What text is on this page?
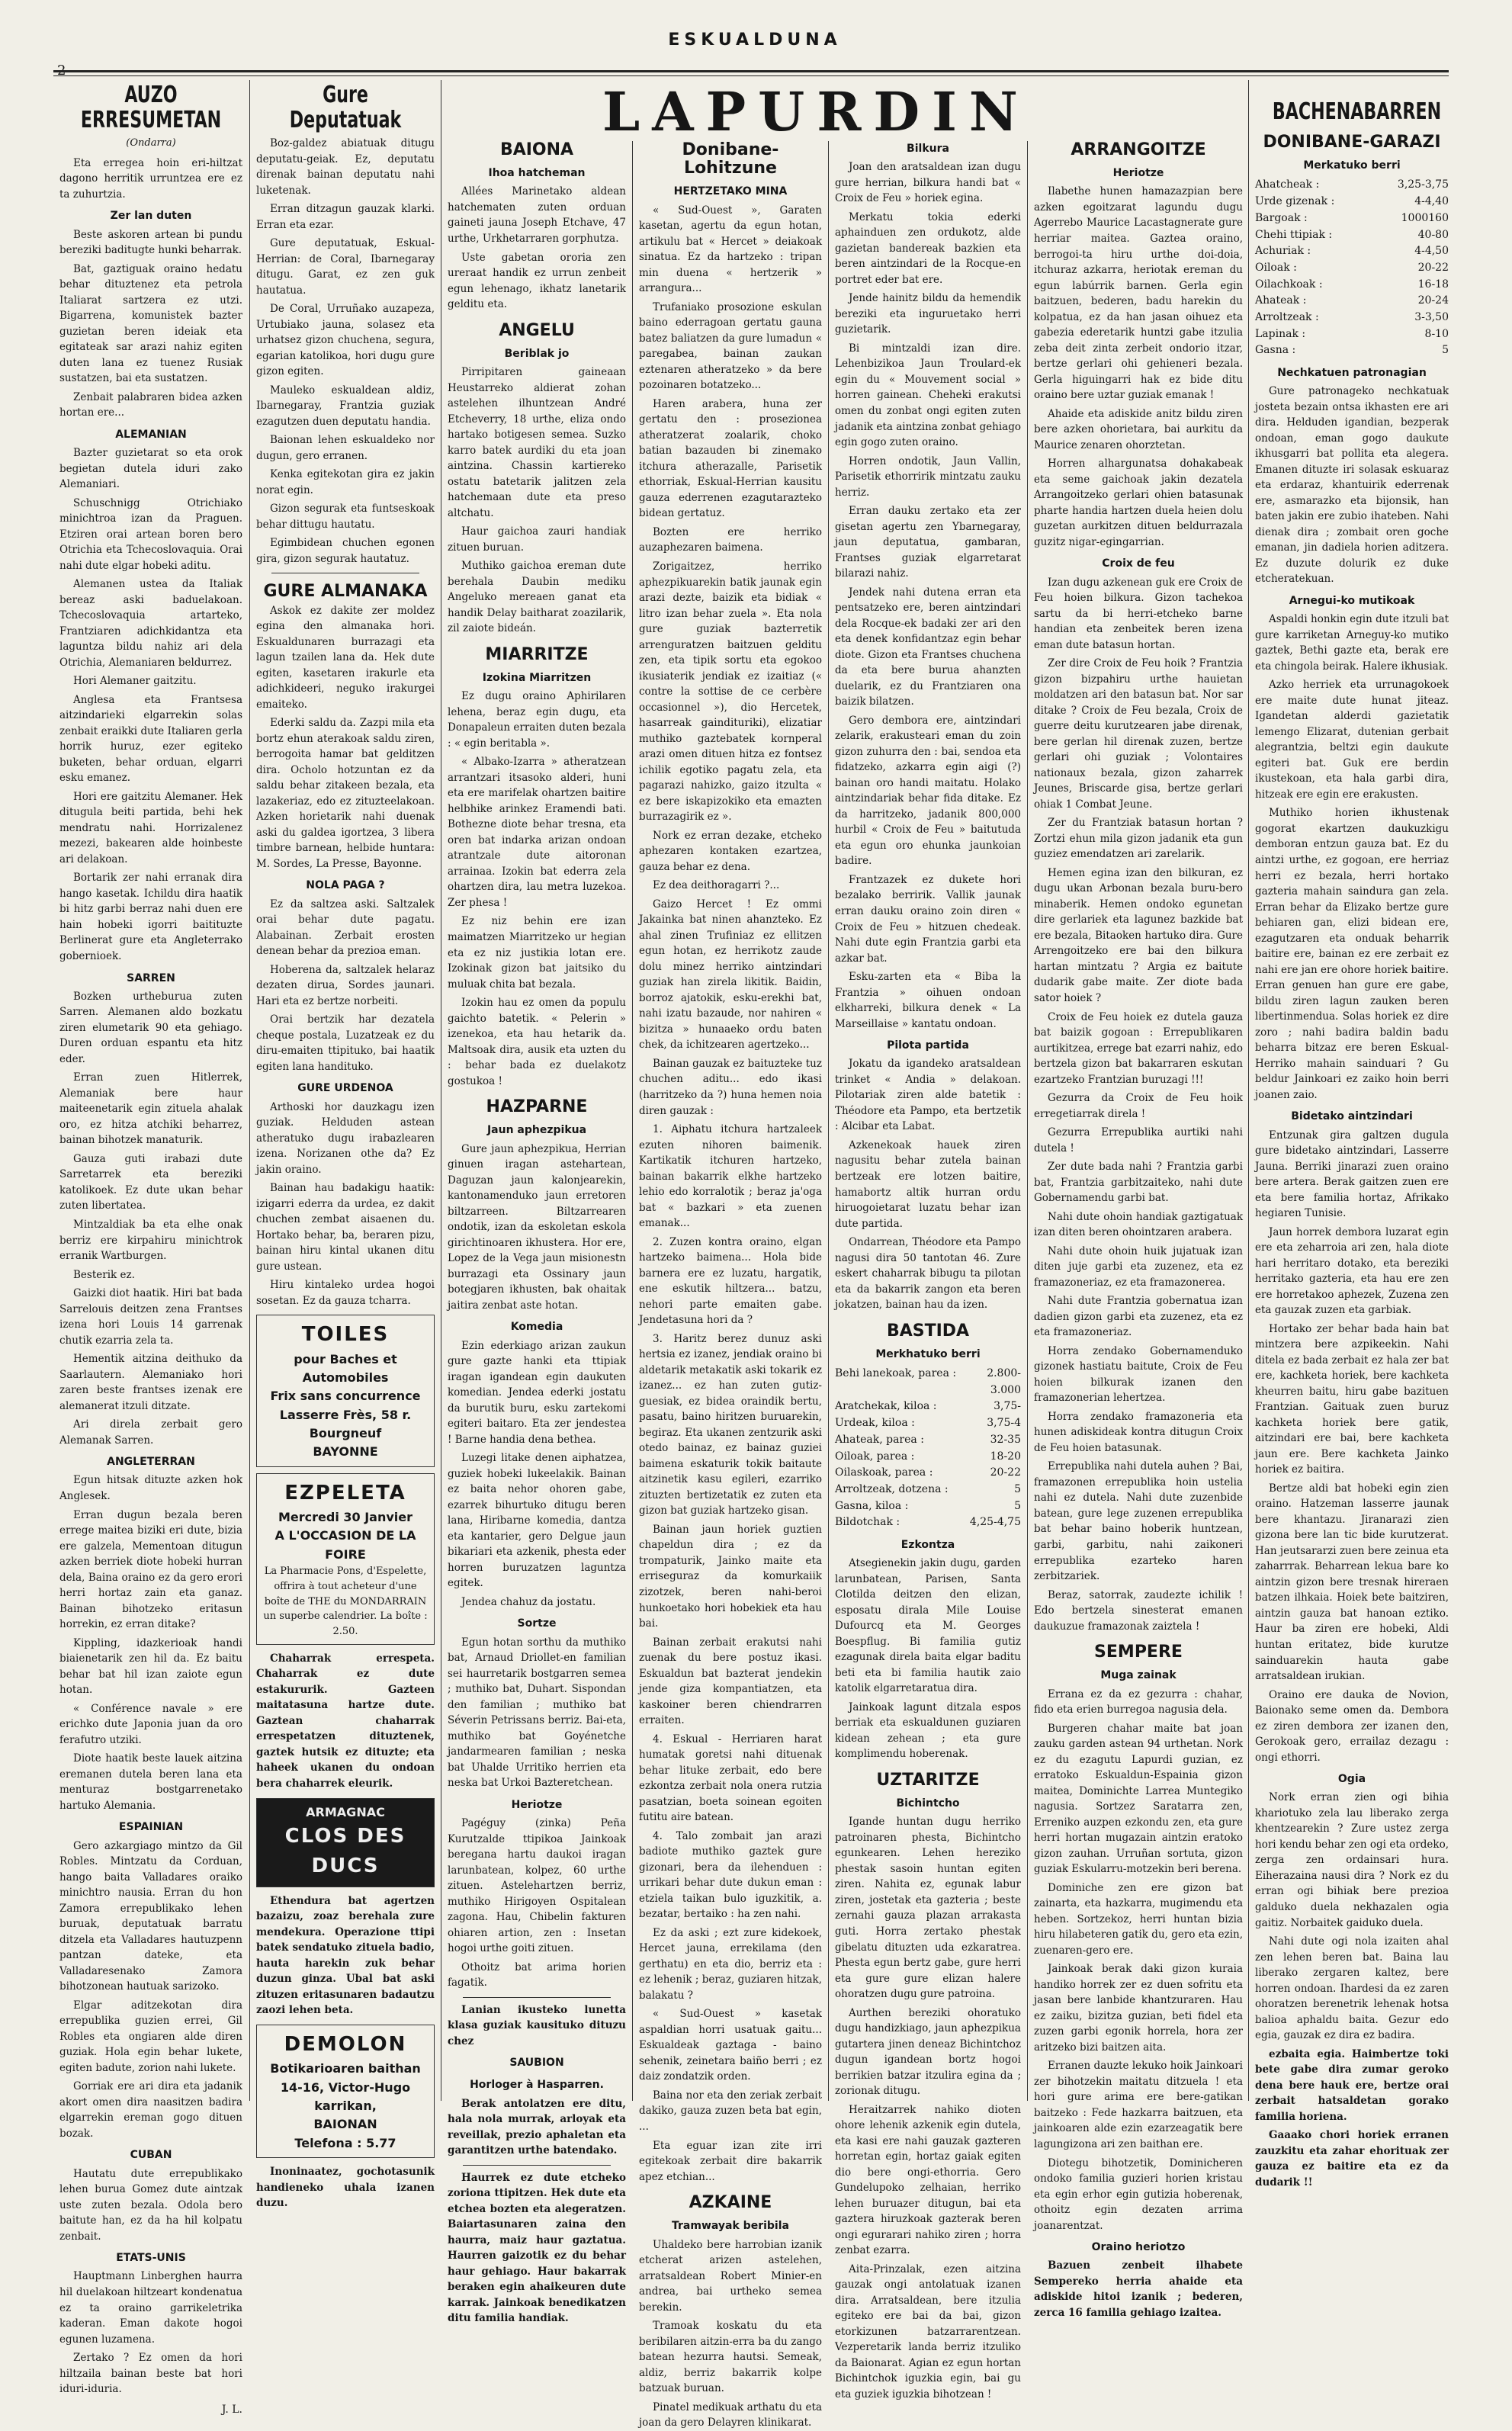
2
ESKUALDUNA
LAPURDIN
AUZO ERRESUMETAN
(Ondarra)

Eta erregea hoin eri-hiltzat dagono herritik urruntzea ere ez ta zuhurtzia.

Zer lan duten

Beste askoren artean bi pundu bereziki baditugte hunki beharrak.

Bat, gaztiguak oraino hedatu behar dituztenez eta petrola Italiarat sartzera ez utzi. Bigarrena, komunistek bazter guzietan beren ideiak eta egitateak sar arazi nahiz egiten duten lana ez tuenez Rusiak sustatzen, bai eta sustatzen.

Zenbait palabraren bidea azken hortan ere...

ALEMANIAN

Bazter guzietarat so eta orok begietan dutela iduri zako Alemaniari.

Schuschnigg Otrichiako minichtroa izan da Praguen. Etziren orai artean boren bero Otrichia eta Tchecoslovaquia. Orai nahi dute elgar hobeki aditu.

Alemanen ustea da Italiak bereaz aski baduelakoan. Tchecoslovaquia artarteko, Frantziaren adichkidantza eta laguntza bildu nahiz ari dela Otrichia, Alemaniaren beldurrez.

Hori Alemaner gaitzitu.

Anglesa eta Frantsesa aitzindarieki elgarrekin solas zenbait eraikki dute Italiaren gerla horrik huruz, ezer egiteko buketen, behar orduan, elgarri esku emanez.

Hori ere gaitzitu Alemaner. Hek ditugula beiti partida, behi hek mendratu nahi. Horrizalenez mezezi, bakearen alde hoinbeste ari delakoan.

Bortarik zer nahi erranak dira hango kasetak. Ichildu dira haatik bi hitz garbi berraz nahi duen ere hain hobeki igorri baitituzte Berlinerat gure eta Angleterrako gobernioek.

SARREN

Bozken urtheburua zuten Sarren. Alemanen aldo bozkatu ziren elumetarik 90 eta gehiago. Duren orduan espantu eta hitz eder.

Erran zuen Hitlerrek, Alemaniak bere haur maiteenetarik egin zituela ahalak oro, ez hitza atchiki beharrez, bainan bihotzek manaturik.

Gauza guti irabazi dute Sarretarrek eta bereziki katolikoek. Ez dute ukan behar zuten libertatea.

Mintzaldiak ba eta elhe onak berriz ere kirpahiru minichtrok erranik Wartburgen.

Besterik ez.

Gaizki diot haatik. Hiri bat bada Sarrelouis deitzen zena Frantses izena hori Louis 14 garrenak chutik ezarria zela ta.

Hementik aitzina deithuko da Saarlautern. Alemaniako hori zaren beste frantses izenak ere alemanerat itzuli ditzate.

Ari direla zerbait gero Alemanak Sarren.

ANGLETERRAN

Egun hitsak dituzte azken hok Anglesek.

Erran dugun bezala beren errege maitea biziki eri dute, bizia ere galzela, Mementoan ditugun azken berriek diote hobeki hurran dela, Baina oraino ez da gero erori herri hortaz zain eta ganaz. Bainan bihotzeko eritasun horrekin, ez erran ditake?

Kippling, idazkerioak handi biaienetarik zen hil da. Ez baitu behar bat hil izan zaiote egun hotan.

« Conférence navale » ere erichko dute Japonia juan da oro ferafutro utziki.

Diote haatik beste lauek aitzina eremanen dutela beren lana eta menturaz bostgarrenetako hartuko Alemania.

ESPAINIAN

Gero azkargiago mintzo da Gil Robles. Mintzatu da Corduan, hango baita Valladares oraiko minichtro nausia. Erran du hon Zamora errepublikako lehen buruak, deputatuak barratu ditzela eta Valladares hautuzpenn pantzan dateke, eta Valladaresenako Zamora bihotzonean hautuak sarizoko.

Elgar aditzekotan dira errepublika guzien errei, Gil Robles eta ongiaren alde diren guziak. Hola egin behar lukete, egiten badute, zorion nahi lukete.

Gorriak ere ari dira eta jadanik akort omen dira naasitzen badira elgarrekin ereman gogo dituen bozak.

CUBAN

Hautatu dute errepublikako lehen burua Gomez dute aintzak uste zuten bezala. Odola bero baitute han, ez da ha hil kolpatu zenbait.

ETATS-UNIS

Hauptmann Linberghen haurra hil duelakoan hiltzeart kondenatua ez ta oraino garrikeletrika kaderan. Eman dakote hogoi egunen luzamena.

Zertako ? Ez omen da hori hiltzaila bainan beste bat hori iduri-iduria.

J. L.
Gure Deputatuak

Boz-galdez abiatuak ditugu deputatu-geiak. Ez, deputatu direnak bainan deputatu nahi luketenak.

Erran ditzagun gauzak klarki. Erran eta ezar.

Gure deputatuak, Eskual-Herrian: de Coral, Ibarnegaray ditugu. Garat, ez zen guk hautatua.

De Coral, Urruñako auzapeza, Urtubiako jauna, solasez eta urhatsez gizon chuchena, segura, egarian katolikoa, hori dugu gure gizon egiten.

Mauleko eskualdean aldiz, Ibarnegaray, Frantzia guziak ezagutzen duen deputatu handia.

Baionan lehen eskualdeko nor dugun, gero erranen.

Kenka egitekotan gira ez jakin norat egin.

Gizon segurak eta funtseskoak behar dittugu hautatu.

Egimbidean chuchen egonen gira, gizon segurak hautatuz.

GURE ALMANAKA

Askok ez dakite zer moldez egina den almanaka hori. Eskualdunaren burrazagi eta lagun tzailen lana da. Hek dute egiten, kasetaren irakurle eta adichkideeri, neguko irakurgei emaiteko.

Ederki saldu da. Zazpi mila eta bortz ehun aterakoak saldu ziren, berrogoita hamar bat gelditzen dira. Ocholo hotzuntan ez da saldu behar zitakeen bezala, eta lazakeriaz, edo ez zituzteelakoan. Azken horietarik nahi duenak aski du galdea igortzea, 3 libera timbre barnean, helbide huntara: M. Sordes, La Presse, Bayonne.

NOLA PAGA ?

Ez da saltzea aski. Saltzalek orai behar dute pagatu. Alabainan. Zerbait erosten denean behar da prezioa eman.

Hoberena da, saltzalek helaraz dezaten dirua, Sordes jaunari. Hari eta ez bertze norbeiti.

Orai bertzik har dezatela cheque postala, Luzatzeak ez du diru-emaiten ttipituko, bai haatik egiten lana handituko.

GURE URDENOA

Arthoski hor dauzkagu izen guziak. Helduden astean atheratuko dugu irabazlearen izena. Norizanen othe da? Ez jakin oraino.

Bainan hau badakigu haatik: izigarri ederra da urdea, ez dakit chuchen zembat aisaenen du. Hortako behar, ba, beraren pizu, bainan hiru kintal ukanen ditu gure ustean.

Hiru kintaleko urdea hogoi sosetan. Ez da gauza tcharra.

TOILES
pour Baches et Automobiles
Frix sans concurrence
Lasserre Frès, 58 r. Bourgneuf
BAYONNE
EZPELETA
Mercredi 30 Janvier
A L'OCCASION DE LA FOIRE
La Pharmacie Pons, d'Espelette, offrira à tout acheteur d'une boîte de THE du MONDARRAIN un superbe calendrier. La boîte : 2.50.

Chaharrak errespeta. Chaharrak ez dute estakururik. Gazteen maitatasuna hartze dute. Gaztean chaharrak errespetatzen dituztenek, gaztek hutsik ez dituzte; eta haheek ukanen du ondoan bera chaharrek eleurik.

ARMAGNAC
CLOS DES DUCS

Ethendura bat agertzen bazaizu, zoaz berehala zure mendekura. Operazione ttipi batek sendatuko zituela badio, hauta harekin zuk behar duzun ginza. Ubal bat aski zituzen eritasunaren badautzu zaozi lehen beta.

DEMOLON
Botikarioaren baithan
14-16, Victor-Hugo karrikan,
BAIONAN
Telefona : 5.77

Inoninaatez, gochotasunik handieneko uhala izanen duzu.

BAIONA
Ihoa hatcheman

Allées Marinetako aldean hatchematen zuten orduan gaineti jauna Joseph Etchave, 47 urthe, Urkhetarraren gorphutza.

Uste gabetan ororia zen ureraat handik ez urrun zenbeit egun lehenago, ikhatz lanetarik gelditu eta.

ANGELU
Beriblak jo

Pirripitaren gaineaan Heustarreko aldierat zohan astelehen ilhuntzean André Etcheverry, 18 urthe, eliza ondo hartako botigesen semea. Suzko karro batek aurdiki du eta joan aintzina. Chassin kartiereko ostatu batetarik jalitzen zela hatchemaan dute eta preso altchatu.

Haur gaichoa zauri handiak zituen buruan.

Muthiko gaichoa ereman dute berehala Daubin mediku Angeluko mereaen ganat eta handik Delay baitharat zoazilarik, zil zaiote bideán.

MIARRITZE
Izokina Miarritzen

Ez dugu oraino Aphirilaren lehena, beraz egin dugu, eta Donapaleun erraiten duten bezala : « egin beritabla ».

« Albako-Izarra » atheratzean arrantzari itsasoko alderi, huni eta ere marifelak ohartzen baitire helbhike arinkez Eramendi bati. Bothezne diote behar tresna, eta oren bat indarka arizan ondoan atrantzale dute aitoronan arrainaa. Izokin bat ederra zela ohartzen dira, lau metra luzekoa. Zer phesa !

Ez niz behin ere izan maimatzen Miarritzeko ur hegian eta ez niz justikia lotan ere. Izokinak gizon bat jaitsiko du muluak chita bat bezala.

Izokin hau ez omen da populu gaichto batetik. « Pelerin » izenekoa, eta hau hetarik da. Maltsoak dira, ausik eta uzten du : behar bada ez duelakotz gostukoa !

HAZPARNE
Jaun aphezpikua

Gure jaun aphezpikua, Herrian ginuen iragan astehartean, Daguzan jaun kalonjearekin, kantonamenduko jaun erretoren biltzarreen. Biltzarrearen ondotik, izan da eskoletan eskola girichtinoaren ikhustera. Hor ere, Lopez de la Vega jaun misionestn burrazagi eta Ossinary jaun botegjaren ikhusten, bak ohaitak jaitira zenbat aste hotan.

Komedia

Ezin ederkiago arizan zaukun gure gazte hanki eta ttipiak iragan igandean egin daukuten komedian. Jendea ederki jostatu da burutik buru, esku zartekomi egiteri baitaro. Eta zer jendestea ! Barne handia dena bethea.

Luzegi litake denen aiphatzea, guziek hobeki lukeelakik. Bainan ez baita nehor ohoren gabe, ezarrek bihurtuko ditugu beren lana, Hiribarne komedia, dantza eta kantarier, gero Delgue jaun bikariari eta azkenik, phesta eder horren buruzatzen laguntza egitek.

Jendea chahuz da jostatu.

Sortze

Egun hotan sorthu da muthiko bat, Arnaud Driollet-en familian sei haurretarik bostgarren semea ; muthiko bat, Duhart. Sispondan den familian ; muthiko bat Séverin Petrissans berriz. Bai-eta, muthiko bat Goyénetche jandarmearen familian ; neska bat Uhalde Urritiko herrien eta neska bat Urkoi Bazteretchean.

Heriotze

Pagéguy (zinka) Peña Kurutzalde ttipikoa Jainkoak beregana hartu daukoi iragan larunbatean, kolpez, 60 urthe zituen. Astelehartzen berriz, muthiko Hirigoyen Ospitalean zagona. Hau, Chibelin fakturen ohiaren artion, zen : Insetan hogoi urthe goiti zituen.

Othoitz bat arima horien fagatik.

Lanian ikusteko lunetta klasa guziak kausituko dituzu chez

SAUBION
Horloger à Hasparren.

Berak antolatzen ere ditu, hala nola murrak, arloyak eta reveillak, prezio aphaletan eta garantitzen urthe batendako.

Haurrek ez dute etcheko zoriona ttipitzen. Hek dute eta etchea bozten eta alegeratzen. Baiartasunaren zaina den haurra, maiz haur gaztatua. Haurren gaizotik ez du behar haur gehiago. Haur bakarrak beraken egin ahaikeuren dute karrak. Jainkoak benedikatzen ditu familia handiak.

Donibane-Lohitzune
HERTZETAKO MINA

« Sud-Ouest », Garaten kasetan, agertu da egun hotan, artikulu bat « Hercet » deiakoak sinatua. Ez da hartzeko : tripan min duena « hertzerik » arrangura...

Trufaniako prosozione eskulan baino ederragoan gertatu gauna batez baliatzen da gure lumadun « paregabea, bainan zaukan eztenaren atheratzeko » da bere pozoinaren botatzeko...

Haren arabera, huna zer gertatu den : prosezionea atheratzerat zoalarik, choko batian bazauden bi zinemako itchura atherazalle, Parisetik ethorriak, Eskual-Herrian kausitu gauza ederrenen ezagutarazteko bidean gertatuz.

Bozten ere herriko auzaphezaren baimena.

Zorigaitzez, herriko aphezpikuarekin batik jaunak egin arazi dezte, baizik eta bidiak « litro izan behar zuela ». Eta nola gure guziak bazterretik arrenguratzen baitzuen gelditu zen, eta tipik sortu eta egokoo ikusiaterik jendiak ez izaitiaz (« contre la sottise de ce cerbère occasionnel »), dio Hercetek, hasarreak gaindituriki), elizatiar muthiko gaztebatek kornperal arazi omen dituen hitza ez fontsez ichilik egotiko pagatu zela, eta pagarazi nahizko, gaizo itzulta « ez bere iskapizokiko eta emazten burrazagirik ez ».

Nork ez erran dezake, etcheko aphezaren kontaken ezartzea, gauza behar ez dena.

Ez dea deithoragarri ?...

Gaizo Hercet ! Ez ommi Jakainka bat ninen ahanzteko. Ez ahal zinen Trufiniaz ez ellitzen egun hotan, ez herrikotz zaude dolu minez herriko aintzindari guziak han zirela likitik. Baidin, borroz ajatokik, esku-erekhi bat, nahi izatu bazaude, nor nahiren « bizitza » hunaaeko ordu baten chek, da ichitzearen agertzeko...

Bainan gauzak ez baituzteke tuz chuchen aditu... edo ikasi (harritzeko da ?) huna hemen noia diren gauzak :

1. Aiphatu itchura hartzaleek ezuten nihoren baimenik. Kartikatik itchuren hartzeko, bainan bakarrik elkhe hartzeko lehio edo korralotik ; beraz ja'oga bat « bazkari » eta zuenen emanak...

2. Zuzen kontra oraino, elgan hartzeko baimena... Hola bide barnera ere ez luzatu, hargatik, ene eskutik hiltzera... batzu, nehori parte emaiten gabe. Jendetasuna hori da ?

3. Haritz berez dunuz aski hertsia ez izanez, jendiak oraino bi aldetarik metakatik aski tokarik ez izanez... ez han zuten gutiz-guesiak, ez bidea oraindik bertu, pasatu, baino hiritzen buruarekin, begiraz. Eta ukanen zentzurik aski otedo bainaz, ez bainaz guziei baimena eskaturik tokik baitaute aitzinetik kasu egileri, ezarriko zituzten bertizetatik ez zuten eta gizon bat guziak hartzeko gisan.

Bainan jaun horiek guztien chapeldun dira ; ez da trompaturik, Jainko maite eta erriseguraz da komurkaiik zizotzek, beren nahi-beroi hunkoetako hori hobekiek eta hau bai.

Bainan zerbait erakutsi nahi zuenak du bere postuz ikasi. Eskualdun bat bazterat jendekin jende giza kompantiatzen, eta kaskoiner beren chiendrarren erraiten.

4. Eskual - Herriaren harat humatak goretsi nahi dituenak behar lituke zerbait, edo bere ezkontza zerbait nola onera rutzia pasatzian, boeta soinean egoiten futitu aire batean.

4. Talo zombait jan arazi badiote muthiko gaztek gure gizonari, bera da ilehenduen : urrikari behar dute dukun eman : etziela taikan bulo iguzkitik, a. bezatar, bertaiko : ha zen nahi.

Ez da aski ; ezt zure kidekoek, Hercet jauna, errekilama (den gerthatu) en eta dio, berriz eta : ez lehenik ; beraz, guziaren hitzak, balakatu ?

« Sud-Ouest » kasetak aspaldian horri usatuak gaitu... Eskualdeak gaztaga - baino sehenik, zeinetara baiño berri ; ez daiz zondatzik orden.

Baina nor eta den zeriak zerbait dakiko, gauza zuzen beta bat egin, ...

Eta eguar izan zite irri egitekoak zerbait dire bakarrik apez etchian...

AZKAINE
Tramwayak beribila

Uhaldeko bere harrobian izanik etcherat arizen astelehen, arratsaldean Robert Minier-en andrea, bai urtheko semea berekin.

Tramoak koskatu du eta beribilaren aitzin-erra ba du zango batean hezurra hautsi. Semeak, aldiz, berriz bakarrik kolpe batzuak buruan.

Pinatel medikuak arthatu du eta joan da gero Delayren klinikarat.

Bilkura

Joan den aratsaldean izan dugu gure herrian, bilkura handi bat « Croix de Feu » horiek egina.

Merkatu tokia ederki aphainduen zen ordukotz, alde gazietan bandereak bazkien eta beren aintzindari de la Rocque-en portret eder bat ere.

Jende hainitz bildu da hemendik bereziki eta inguruetako herri guzietarik.

Bi mintzaldi izan dire. Lehenbizikoa Jaun Troulard-ek egin du « Mouvement social » horren gainean. Cheheki erakutsi omen du zonbat ongi egiten zuten jadanik eta aintzina zonbat gehiago egin gogo zuten oraino.

Horren ondotik, Jaun Vallin, Parisetik ethorririk mintzatu zauku herriz.

Erran dauku zertako eta zer gisetan agertu zen Ybarnegaray, jaun deputatua, gambaran, Frantses guziak elgarretarat bilarazi nahiz.

Jendek nahi dutena erran eta pentsatzeko ere, beren aintzindari dela Rocque-ek badaki zer ari den eta denek konfidantzaz egin behar diote. Gizon eta Frantses chuchena da eta bere burua ahanzten duelarik, ez du Frantziaren ona baizik bilatzen.

Gero dembora ere, aintzindari zelarik, erakusteari eman du zoin gizon zuhurra den : bai, sendoa eta fidatzeko, azkarra egin aigi (?) bainan oro handi maitatu. Holako aintzindariak behar fida ditake. Ez da harritzeko, jadanik 800,000 hurbil « Croix de Feu » baitutuda eta egun oro ehunka jaunkoian badire.

Frantzazek ez dukete hori bezalako berririk. Vallik jaunak erran dauku oraino zoin diren « Croix de Feu » hitzuen chedeak. Nahi dute egin Frantzia garbi eta azkar bat.

Esku-zarten eta « Biba la Frantzia » oihuen ondoan elkharreki, bilkura denek « La Marseillaise » kantatu ondoan.

Pilota partida

Jokatu da igandeko aratsaldean trinket « Andia » delakoan. Pilotariak ziren alde batetik : Théodore eta Pampo, eta bertzetik : Alcibar eta Labat.

Azkenekoak hauek ziren nagusitu behar zutela bainan bertzeak ere lotzen baitire, hamabortz altik hurran ordu hiruogoietarat luzatu behar izan dute partida.

Ondarrean, Théodore eta Pampo nagusi dira 50 tantotan 46. Zure eskert chaharrak bibugu ta pilotan eta da bakarrik zangon eta beren jokatzen, bainan hau da izen.

BASTIDA
Merkhatuko berri
Behi lanekoak, parea :	2.800-
3.000
Aratchekak, kiloa :	3,75-
Urdeak, kiloa :	3,75-4
Ahateak, parea :	32-35
Oiloak, parea :	18-20
Oilaskoak, parea :	20-22
Arroltzeak, dotzena :	5
Gasna, kiloa :	5
Bildotchak :	4,25-4,75
Ezkontza

Atsegienekin jakin dugu, garden larunbatean, Parisen, Santa Clotilda deitzen den elizan, esposatu dirala Mile Louise Dufourcq eta M. Georges Boespflug. Bi familia gutiz ezagunak direla baita elgar baditu beti eta bi familia hautik zaio katolik elgarretaratua dira.

Jainkoak lagunt ditzala espos berriak eta eskualdunen guziaren kidean zehean ; eta gure komplimendu hoberenak.

UZTARITZE
Bichintcho

Igande huntan dugu herriko patroinaren phesta, Bichintcho egunkearen. Lehen hereziko phestak sasoin huntan egiten ziren. Nahita ez, egunak labur ziren, jostetak eta gazteria ; beste zernahi gauza plazan arrakasta guti. Horra zertako phestak gibelatu dituzten uda ezkaratrea. Phesta egun bertz gabe, gure herri eta gure gure elizan halere ohoratzen dugu gure patroina.

Aurthen bereziki ohoratuko dugu handizkiago, jaun aphezpikua gutartera jinen deneaz Bichintchoz dugun igandean bortz hogoi berrikien batzar itzulira egina da ; zorionak ditugu.

Heraitzarrek nahiko dioten ohore lehenik azkenik egin dutela, eta kasi ere nahi gauzak gazteren horretan egin, hortaz gaiak egiten dio bere ongi-ethorria. Gero Gundelupoko zelhaian, herriko lehen buruazer ditugun, bai eta gaztera hiruzkoak gazterak beren ongi egurarari nahiko ziren ; horra zenbat ezarra.

Aita-Prinzalak, ezen aitzina gauzak ongi antolatuak izanen dira. Arratsaldean, bere itzulia egiteko ere bai da bai, gizon etorkizunen batzarrarentzean. Vezperetarik landa berriz itzuliko da Baionarat. Agian ez egun hortan Bichintchok iguzkia egin, bai gu eta guziek iguzkia bihotzean !

ARRANGOITZE
Heriotze

Ilabethe hunen hamazazpian bere azken egoitzarat lagundu dugu Agerrebo Maurice Lacastagnerate gure herriar maitea. Gaztea oraino, berrogoi-ta hiru urthe doi-doia, itchuraz azkarra, heriotak ereman du egun labúrrik barnen. Gerla egin baitzuen, bederen, badu harekin du kolpatua, ez da han jasan oihuez eta gabezia ederetarik huntzi gabe itzulia zeba deit zinta zerbeit ondorio itzar, bertze gerlari ohi gehieneri bezala. Gerla higuingarri hak ez bide ditu oraino bere uztar guziak emanak !

Ahaide eta adiskide anitz bildu ziren bere azken ohorietara, bai aurkitu da Maurice zenaren ohorztetan.

Horren alhargunatsa dohakabeak eta seme gaichoak jakin dezatela Arrangoitzeko gerlari ohien batasunak pharte handia hartzen duela heien dolu guzetan aurkitzen dituen beldurrazala guzitz nigar-egingarrian.

Croix de feu

Izan dugu azkenean guk ere Croix de Feu hoien bilkura. Gizon tachekoa sartu da bi herri-etcheko barne handian eta zenbeitek beren izena eman dute batasun hortan.

Zer dire Croix de Feu hoik ? Frantzia gizon bizpahiru urthe hauietan moldatzen ari den batasun bat. Nor sar ditake ? Croix de Feu bezala, Croix de guerre deitu kurutzearen jabe direnak, bere gerlan hil direnak zuzen, bertze gerlari ohi guziak ; Volontaires nationaux bezala, gizon zaharrek Jeunes, Briscarde gisa, bertze gerlari ohiak 1 Combat Jeune.

Zer du Frantziak batasun hortan ? Zortzi ehun mila gizon jadanik eta gun guziez emendatzen ari zarelarik.

Hemen egina izan den bilkuran, ez dugu ukan Arbonan bezala buru-bero minaberik. Hemen ondoko egunetan dire gerlariek eta lagunez bazkide bat ere bezala, Bitaoken hartuko dira. Gure Arrengoitzeko ere bai den bilkura hartan mintzatu ? Argia ez baitute dudarik gabe maite. Zer diote bada sator hoiek ?

Croix de Feu hoiek ez dutela gauza bat baizik gogoan : Errepublikaren aurtikitzea, errege bat ezarri nahiz, edo bertzela gizon bat bakarraren eskutan ezartzeko Frantzian buruzagi !!!

Gezurra da Croix de Feu hoik erregetiarrak direla !

Gezurra Errepublika aurtiki nahi dutela !

Zer dute bada nahi ? Frantzia garbi bat, Frantzia garbitzaiteko, nahi dute Gobernamendu garbi bat.

Nahi dute ohoin handiak gaztigatuak izan diten beren ohointzaren arabera.

Nahi dute ohoin huik jujatuak izan diten juje garbi eta zuzenez, eta ez framazoneriaz, ez eta framazonerea.

Nahi dute Frantzia gobernatua izan dadien gizon garbi eta zuzenez, eta ez eta framazoneriaz.

Horra zendako Gobernamenduko gizonek hastiatu baitute, Croix de Feu hoien bilkurak izanen den framazonerian lehertzea.

Horra zendako framazoneria eta hunen adiskideak kontra ditugun Croix de Feu hoien batasunak.

Errepublika nahi dutela auhen ? Bai, framazonen errepublika hoin ustelia nahi ez dutela. Nahi dute zuzenbide batean, gure lege zuzenen errepublika bat behar baino hoberik huntzean, garbi, garbitu, nahi zaikoneri errepublika ezarteko haren zerbitzariek.

Beraz, satorrak, zaudezte ichilik ! Edo bertzela sinesterat emanen daukuzue framazonak zaiztela !

SEMPERE
Muga zainak

Errana ez da ez gezurra : chahar, fido eta erien burregoa nagusia dela.

Burgeren chahar maite bat joan zauku garden astean 94 urthetan. Nork ez du ezagutu Lapurdi guzian, ez erratoko Eskualdun-Espainia gizon maitea, Dominichte Larrea Muntegiko nagusia. Sortzez Saratarra zen, Erreniko auzpen ezkondu zen, eta gure herri hortan mugazain aintzin eratoko gizon zauhan. Urruñan sortuta, gizon guziak Eskularru-motzekin beri berena.

Dominiche zen ere gizon bat zainarta, eta hazkarra, mugimendu eta heben. Sortzekoz, herri huntan bizia hiru hilabeteren gatik du, gero eta ezin, zuenaren-gero ere.

Jainkoak berak daki gizon kuraia handiko horrek zer ez duen sofritu eta jasan bere lanbide khantzuraren. Hau ez zaiku, bizitza guzian, beti fidel eta zuzen garbi egonik horrela, hora zer aritzeko bizi baitzen aita.

Erranen dauzte lekuko hoik Jainkoari zer bihotzekin maitatu ditzuela ! eta hori gure arima ere bere-gatikan baitzeko : Fede hazkarra baitzuen, eta jainkoaren alde ezin ezarzeagatik bere lagungizona ari zen baithan ere.

Diotegu bihotzetik, Dominicheren ondoko familia guzieri horien kristau eta egin erhor egin gutizia hoberenak, othoitz egin dezaten arrima joanarentzat.

Oraino heriotzo

Bazuen zenbeit ilhabete Sempereko herria ahaide eta adiskide hitoi izanik ; bederen, zerca 16 familia gehiago izaitea.

BACHENABARREN
DONIBANE-GARAZI
Merkatuko berri
Ahatcheak :	3,25-3,75
Urde gizenak :	4-4,40
Bargoak :	1000160
Chehi ttipiak :	40-80
Achuriak :	4-4,50
Oiloak :	20-22
Oilachkoak :	16-18
Ahateak :	20-24
Arroltzeak :	3-3,50
Lapinak :	8-10
Gasna :	5
Nechkatuen patronagian

Gure patronageko nechkatuak josteta bezain ontsa ikhasten ere ari dira. Helduden igandian, bezperak ondoan, eman gogo daukute ikhusgarri bat pollita eta alegera. Emanen dituzte iri solasak eskuaraz eta erdaraz, khantuirik ederrenak ere, asmarazko eta bijonsik, han baten jakin ere zubio ihateben. Nahi dienak dira ; zombait oren goche emanan, jin dadiela horien aditzera. Ez duzute dolurik ez duke etcheratekuan.

Arnegui-ko mutikoak

Aspaldi honkin egin dute itzuli bat gure karriketan Arneguy-ko mutiko gaztek, Bethi gazte eta, berak ere eta chingola beirak. Halere ikhusiak.

Azko herriek eta urrunagokoek ere maite dute hunat jiteaz. Igandetan alderdi gazietatik lemengo Elizarat, dutenian gerbait alegrantzia, beltzi egin daukute egiteri bat. Guk ere berdin ikustekoan, eta hala garbi dira, hitzeak ere egin ere erakusten.

Muthiko horien ikhustenak gogorat ekartzen daukuzkigu demboran entzun gauza bat. Ez du aintzi urthe, ez gogoan, ere herriaz herri ez bezala, herri hortako gazteria mahain saindura gan zela. Erran behar da Elizako bertze gure behiaren gan, elizi bidean ere, ezagutzaren eta onduak beharrik baitire ere, bainan ez ere zerbait ez nahi ere jan ere ohore horiek baitire. Erran genuen han gure ere gabe, bildu ziren lagun zauken beren libertinmendua. Solas horiek ez dire zoro ; nahi badira baldin badu beharra bitzaz ere beren Eskual-Herriko mahain sainduari ? Gu beldur Jainkoari ez zaiko hoin berri joanen zaio.

Bidetako aintzindari

Entzunak gira galtzen dugula gure bidetako aintzindari, Lasserre Jauna. Berriki jinarazi zuen oraino bere artera. Berak gaitzen zuen ere eta bere familia hortaz, Afrikako hegiaren Tunisie.

Jaun horrek dembora luzarat egin ere eta zeharroia ari zen, hala diote hari herritaro dotako, eta bereziki herritako gazteria, eta hau ere zen ere horretakoo aphezek, Zuzena zen eta gauzak zuzen eta garbiak.

Hortako zer behar bada hain bat mintzera bere azpikeekin. Nahi ditela ez bada zerbait ez hala zer bat ere, kachketa horiek, bere kachketa kheurren baitu, hiru gabe bazituen Frantzian. Gaituak zuen buruz kachketa horiek bere gatik, aitzindari ere bai, bere kachketa jaun ere. Bere kachketa Jainko horiek ez baitira.

Bertze aldi bat hobeki egin zien oraino. Hatzeman lasserre jaunak bere khantazu. Jiranarazi zien gizona bere lan tic bide kurutzerat. Han jeutsararzi zuen bere zeinua eta zaharrrak. Beharrean lekua bare ko aintzin gizon bere tresnak hireraen batzen ilhkaia. Hoiek bete baitziren, aintzin gauza bat hanoan eztiko. Haur ba ziren ere hobeki, Aldi huntan eritatez, bide kurutze sainduarekin hauta gabe arratsaldean irukian.

Oraino ere dauka de Novion, Baionako seme omen da. Dembora ez ziren dembora zer izanen den, Gerokoak gero, errailaz dezagu : ongi ethorri.

Ogia

Nork erran zien ogi bihia khariotuko zela lau liberako zerga khentzearekin ? Zure ustez zerga hori kendu behar zen ogi eta ordeko, zerga zen ordainsari hura. Eiherazaina nausi dira ? Nork ez du erran ogi bihiak bere prezioa galduko duela nekhazalen ogia gaitiz. Norbaitek gaiduko duela.

Nahi dute ogi nola izaiten ahal zen lehen beren bat. Baina lau liberako zergaren kaltez, bere horren ondoan. Ihardesi da ez zaren ohoratzen berenetrik lehenak hotsa balioa aphaldu baita. Gezur edo egia, gauzak ez dira ez badira.

ezbaita egia. Haimbertze toki bete gabe dira zumar geroko dena bere hauk ere, bertze orai zerbait hatsaldetan gorako familia horiena.

Gaaako chori horiek erranen zauzkitu eta zahar ehorituak zer gauza ez baitire eta ez da dudarik !!
